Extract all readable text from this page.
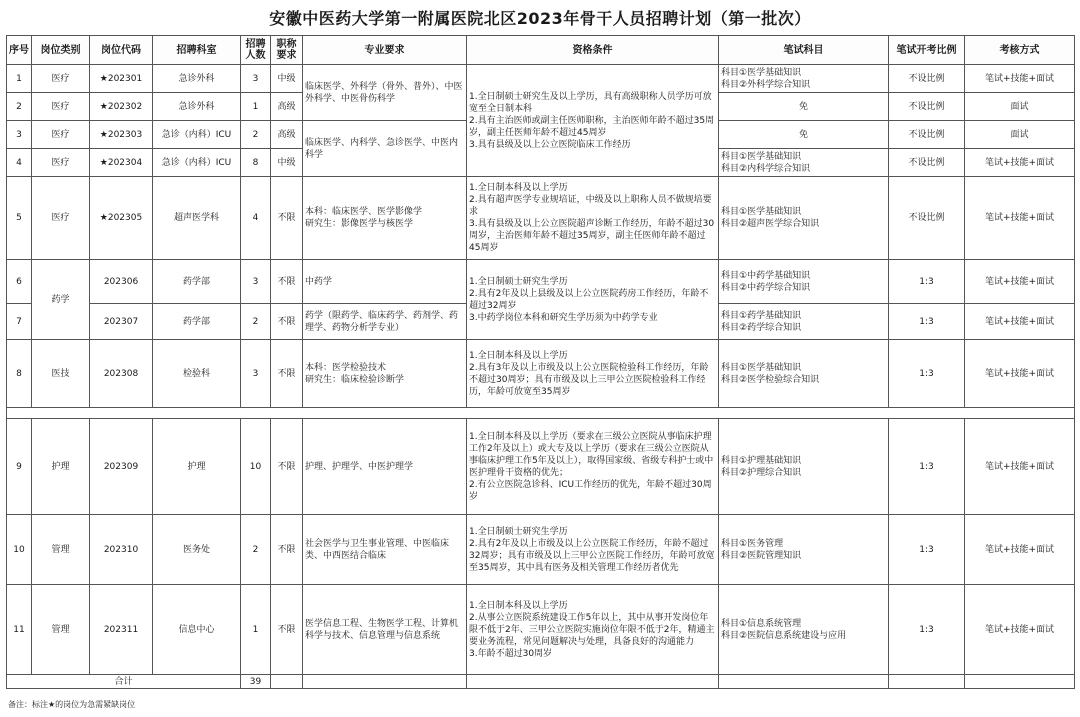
安徽中医药大学第一附属医院北区2023年骨干人员招聘计划（第一批次）
序号	岗位类别	岗位代码	招聘科室	招聘人数	职称要求	专业要求	资格条件	笔试科目	笔试开考比例	考核方式
1	医疗	★202301	急诊外科	3	中级	临床医学、外科学（骨外、普外）、中医外科学、中医骨伤科学	1.全日制硕士研究生及以上学历，具有高级职称人员学历可放宽至全日制本科
2.具有主治医师或副主任医师职称，主治医师年龄不超过35周岁，副主任医师年龄不超过45周岁
3.具有县级及以上公立医院临床工作经历	科目①医学基础知识
科目②外科学综合知识	不设比例	笔试+技能+面试
2	医疗	★202302	急诊外科	1	高级			免	不设比例	面试
3	医疗	★202303	急诊（内科）ICU	2	高级	临床医学、内科学、急诊医学、中医内科学		免	不设比例	面试
4	医疗	★202304	急诊（内科）ICU	8	中级			科目①医学基础知识
科目②内科学综合知识	不设比例	笔试+技能+面试
5	医疗	★202305	超声医学科	4	不限	本科：临床医学、医学影像学
研究生：影像医学与核医学	1.全日制本科及以上学历
2.具有超声医学专业规培证，中级及以上职称人员不做规培要求
3.具有县级及以上公立医院超声诊断工作经历，年龄不超过30周岁，主治医师年龄不超过35周岁，副主任医师年龄不超过45周岁	科目①医学基础知识
科目②超声医学综合知识	不设比例	笔试+技能+面试
6	药学	202306	药学部	3	不限	中药学	1.全日制硕士研究生学历
2.具有2年及以上县级及以上公立医院药房工作经历，年龄不超过32周岁
3.中药学岗位本科和研究生学历须为中药学专业	科目①中药学基础知识
科目②中药学综合知识	1:3	笔试+技能+面试
7		202307	药学部	2	不限	药学（限药学、临床药学、药剂学、药理学、药物分析学专业）		科目①药学基础知识
科目②药学综合知识	1:3	笔试+技能+面试
8	医技	202308	检验科	3	不限	本科：医学检验技术
研究生：临床检验诊断学	1.全日制本科及以上学历
2.具有3年及以上市级及以上公立医院检验科工作经历，年龄不超过30周岁；具有市级及以上三甲公立医院检验科工作经历，年龄可放宽至35周岁	科目①医学基础知识
科目②医学检验综合知识	1:3	笔试+技能+面试

9	护理	202309	护理	10	不限	护理、护理学、中医护理学	1.全日制本科及以上学历（要求在三级公立医院从事临床护理工作2年及以上）或大专及以上学历（要求在三级公立医院从事临床护理工作5年及以上），取得国家级、省级专科护士或中医护理骨干资格的优先；
2.有公立医院急诊科、ICU工作经历的优先，年龄不超过30周岁	科目①护理基础知识
科目②护理综合知识	1:3	笔试+技能+面试
10	管理	202310	医务处	2	不限	社会医学与卫生事业管理、中医临床类、中西医结合临床	1.全日制硕士研究生学历
2.具有2年及以上市级及以上公立医院工作经历，年龄不超过32周岁；具有市级及以上三甲公立医院工作经历，年龄可放宽至35周岁，其中具有医务及相关管理工作经历者优先	科目①医务管理
科目②医院管理知识	1:3	笔试+技能+面试
11	管理	202311	信息中心	1	不限	医学信息工程、生物医学工程、计算机科学与技术、信息管理与信息系统	1.全日制本科及以上学历
2.从事公立医院系统建设工作5年以上，其中从事开发岗位年限不低于2年、三甲公立医院实施岗位年限不低于2年，精通主要业务流程，常见问题解决与处理，具备良好的沟通能力
3.年龄不超过30周岁	科目①信息系统管理
科目②医院信息系统建设与应用	1:3	笔试+技能+面试
合计				39						
备注：标注★的岗位为急需紧缺岗位
